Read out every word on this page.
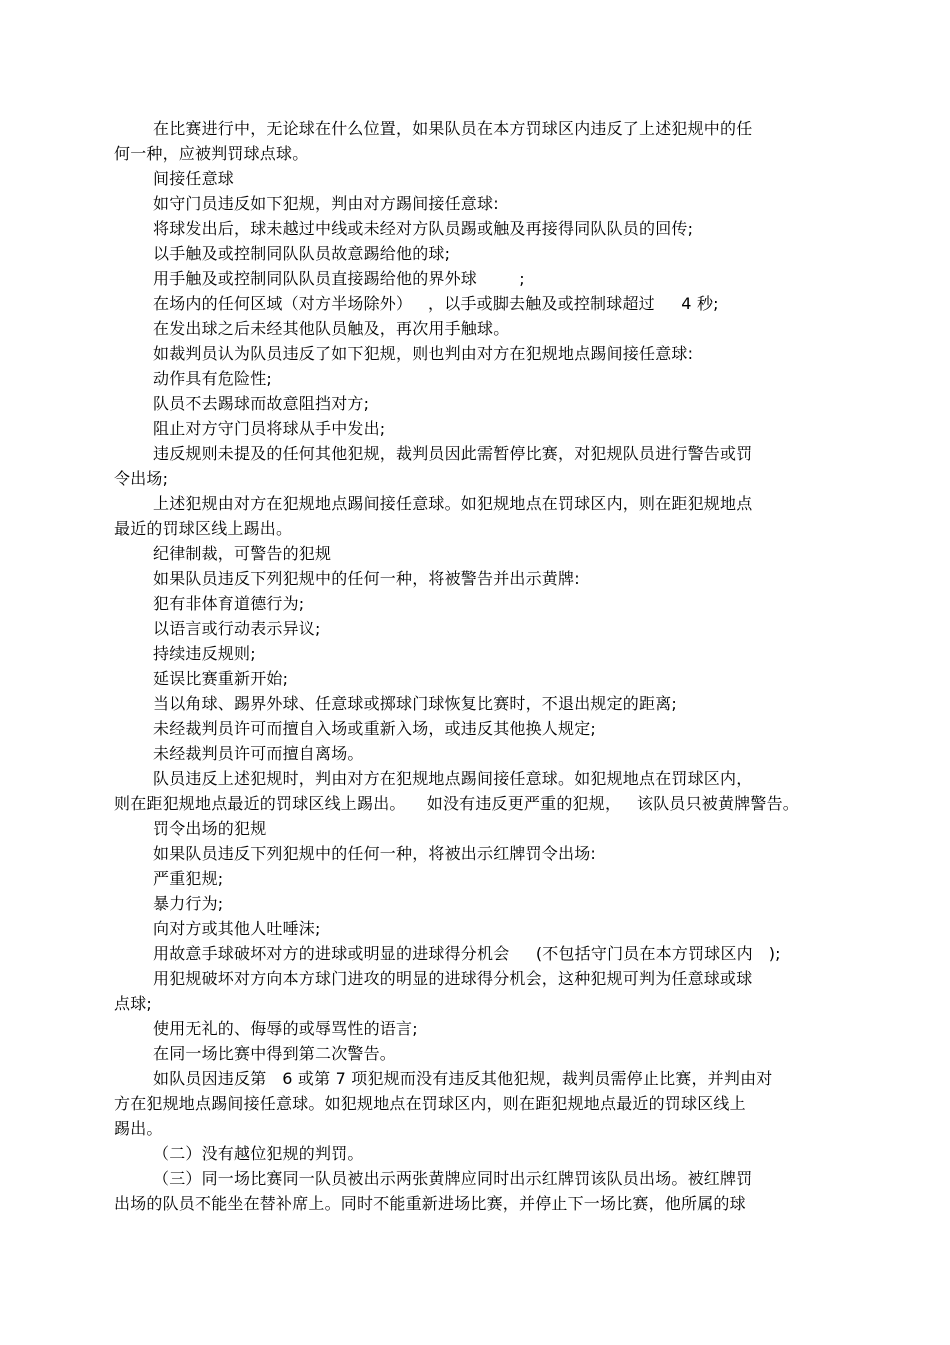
在比赛进行中，无论球在什么位置，如果队员在本方罚球区内违反了上述犯规中的任

何一种，应被判罚球点球。

间接任意球

如守门员违反如下犯规，判由对方踢间接任意球:

将球发出后，球未越过中线或未经对方队员踢或触及再接得同队队员的回传;

以手触及或控制同队队员故意踢给他的球;

用手触及或控制同队队员直接踢给他的界外球        ;

在场内的任何区域（对方半场除外）   ，以手或脚去触及或控制球超过     4 秒;

在发出球之后未经其他队员触及，再次用手触球。

如裁判员认为队员违反了如下犯规，则也判由对方在犯规地点踢间接任意球:

动作具有危险性;

队员不去踢球而故意阻挡对方;

阻止对方守门员将球从手中发出;

违反规则未提及的任何其他犯规，裁判员因此需暂停比赛，对犯规队员进行警告或罚

令出场;

上述犯规由对方在犯规地点踢间接任意球。如犯规地点在罚球区内，则在距犯规地点

最近的罚球区线上踢出。

纪律制裁，可警告的犯规

如果队员违反下列犯规中的任何一种，将被警告并出示黄牌:

犯有非体育道德行为;

以语言或行动表示异议;

持续违反规则;

延误比赛重新开始;

当以角球、踢界外球、任意球或掷球门球恢复比赛时，不退出规定的距离;

未经裁判员许可而擅自入场或重新入场，或违反其他换人规定;

未经裁判员许可而擅自离场。

队员违反上述犯规时，判由对方在犯规地点踢间接任意球。如犯规地点在罚球区内，

则在距犯规地点最近的罚球区线上踢出。    如没有违反更严重的犯规，   该队员只被黄牌警告。

罚令出场的犯规

如果队员违反下列犯规中的任何一种，将被出示红牌罚令出场:

严重犯规;

暴力行为;

向对方或其他人吐唾沫;

用故意手球破坏对方的进球或明显的进球得分机会     (不包括守门员在本方罚球区内   );

用犯规破坏对方向本方球门进攻的明显的进球得分机会，这种犯规可判为任意球或球

点球;

使用无礼的、侮辱的或辱骂性的语言;

在同一场比赛中得到第二次警告。

如队员因违反第   6 或第 7 项犯规而没有违反其他犯规，裁判员需停止比赛，并判由对

方在犯规地点踢间接任意球。如犯规地点在罚球区内，则在距犯规地点最近的罚球区线上

踢出。

（二）没有越位犯规的判罚。

（三）同一场比赛同一队员被出示两张黄牌应同时出示红牌罚该队员出场。被红牌罚

出场的队员不能坐在替补席上。同时不能重新进场比赛，并停止下一场比赛，他所属的球
